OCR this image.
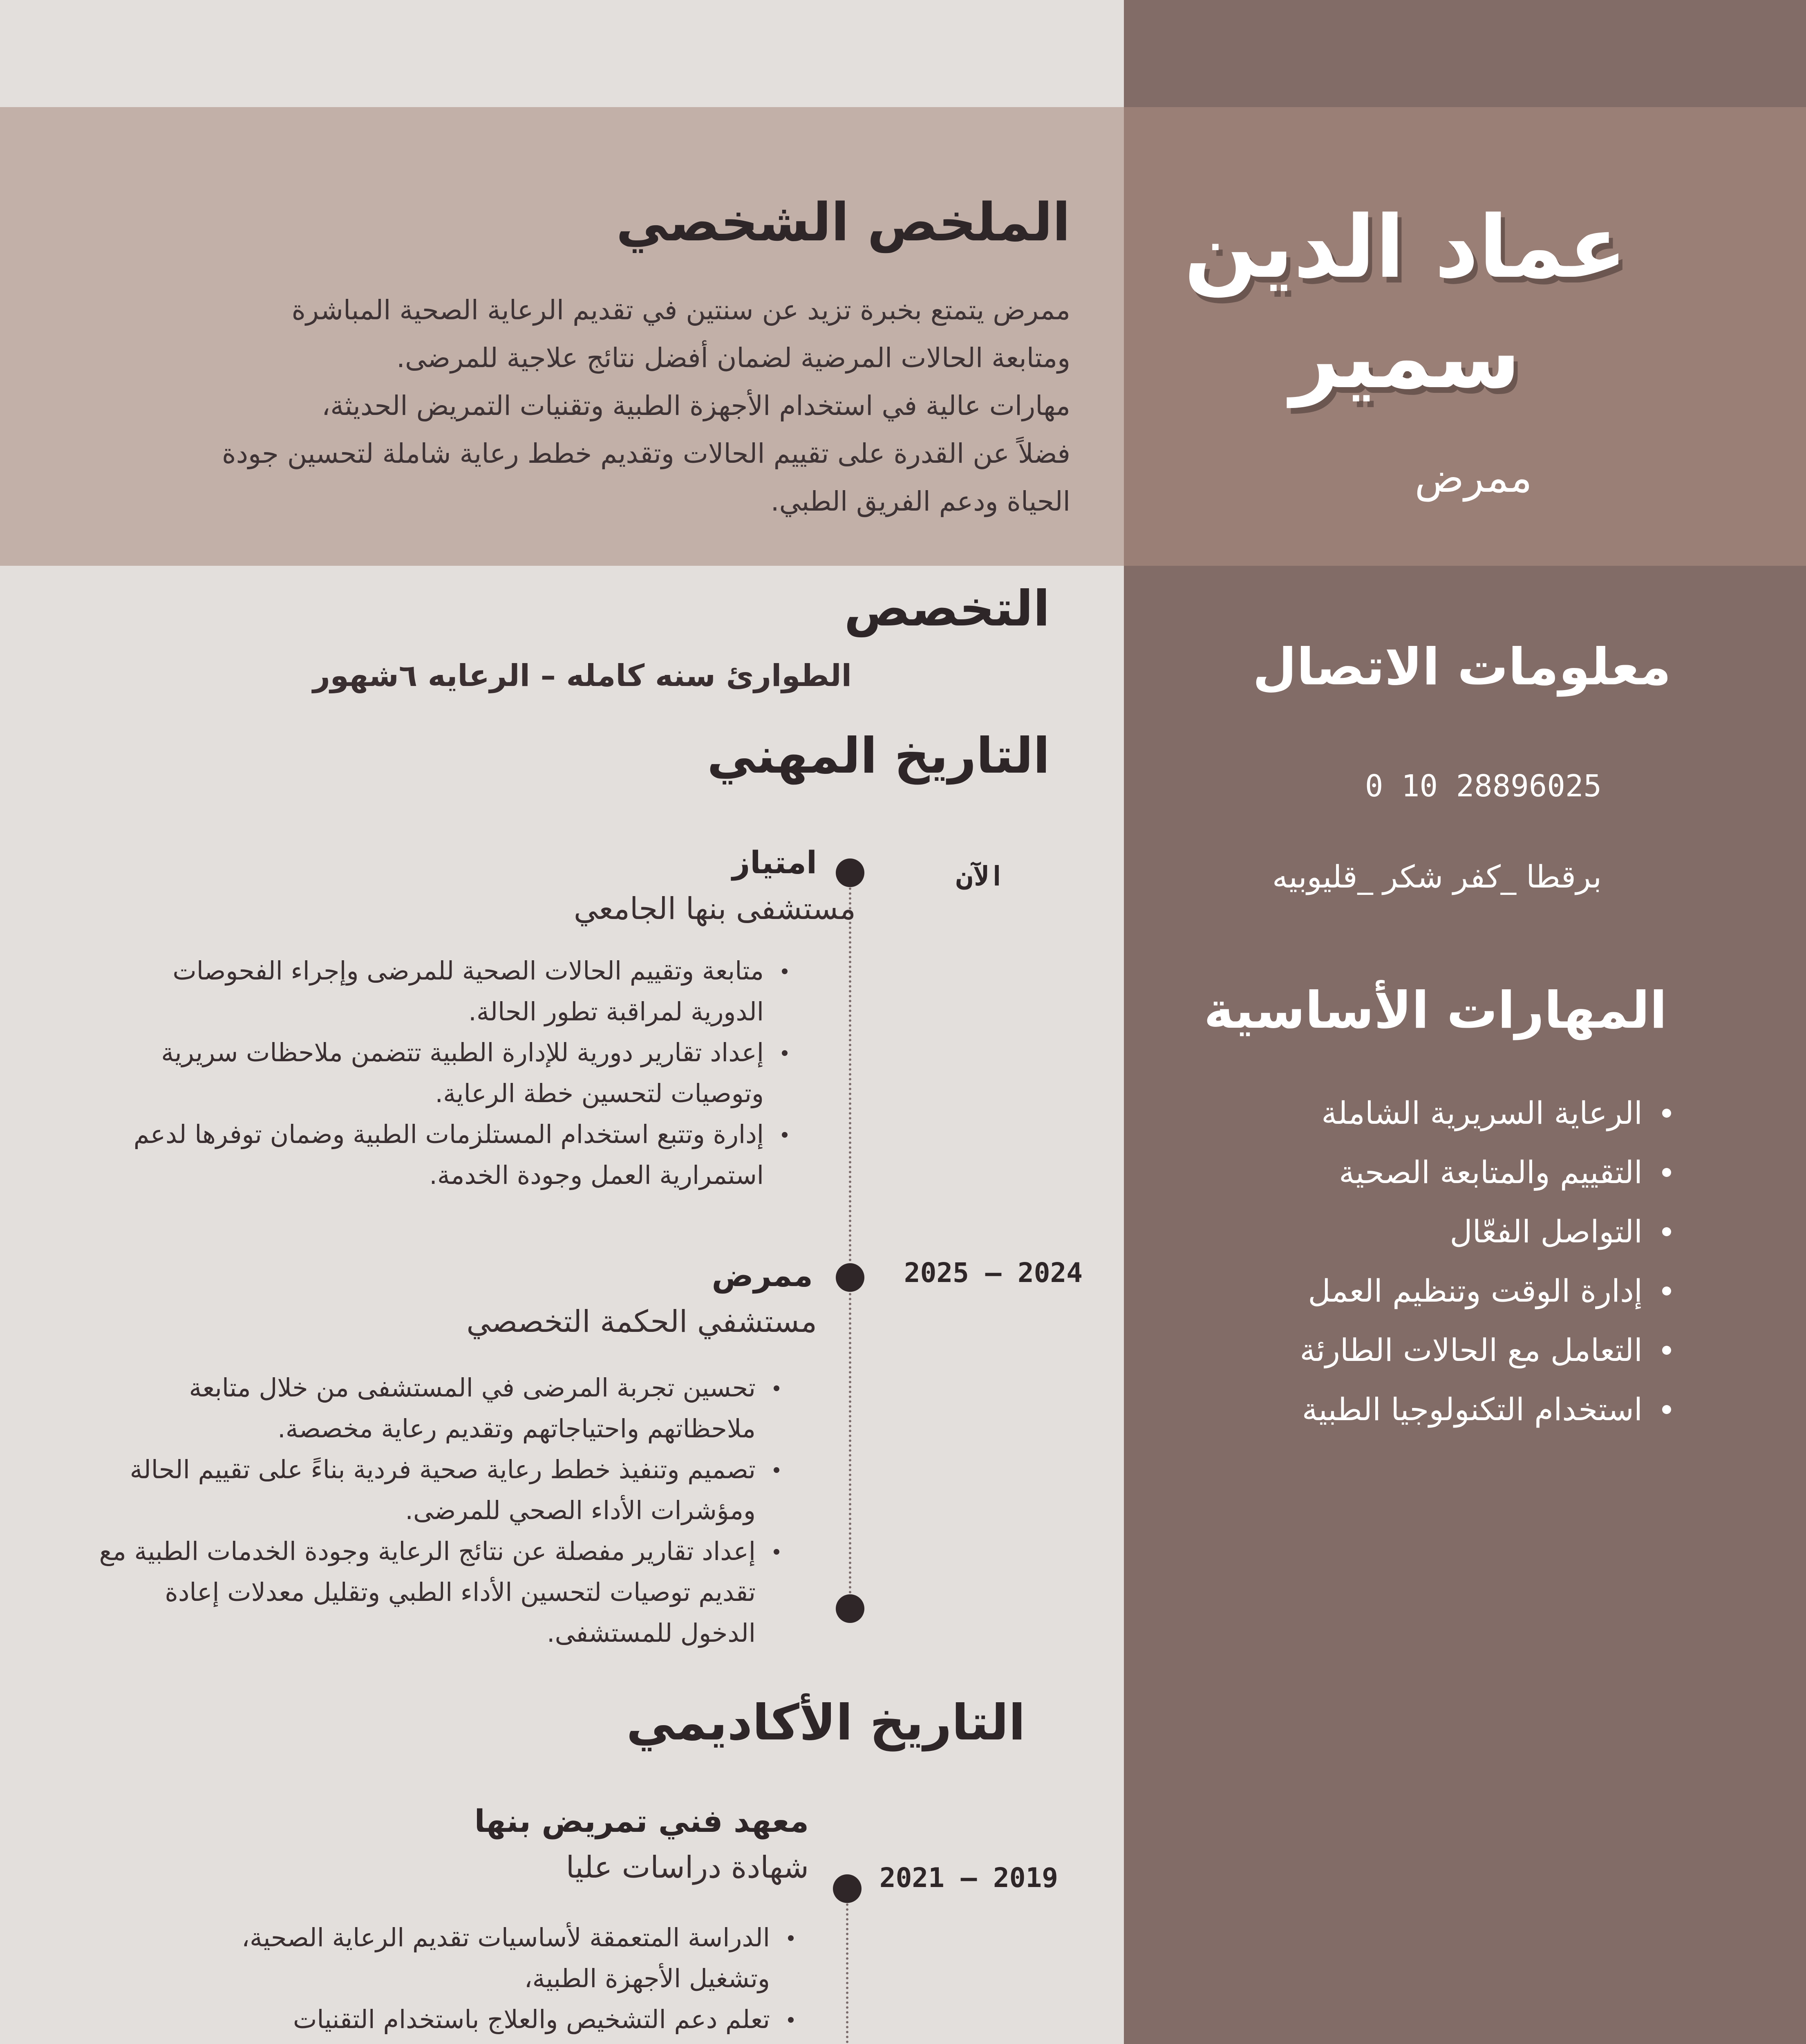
عماد الدين
سمير
ممرض
الملخص الشخصي
ممرض يتمتع بخبرة تزيد عن سنتين في تقديم الرعاية الصحية المباشرة
ومتابعة الحالات المرضية لضمان أفضل نتائج علاجية للمرضى.
مهارات عالية في استخدام الأجهزة الطبية وتقنيات التمريض الحديثة،
فضلاً عن القدرة على تقييم الحالات وتقديم خطط رعاية شاملة لتحسين جودة
الحياة ودعم الفريق الطبي.
معلومات الاتصال
0 10 28896025
برقطا _كفر شكر _قليوبيه
المهارات الأساسية
الرعاية السريرية الشاملة
التقييم والمتابعة الصحية
التواصل الفعّال
إدارة الوقت وتنظيم العمل
التعامل مع الحالات الطارئة
استخدام التكنولوجيا الطبية
التخصص
الطوارئ سنه كامله – الرعايه ٦شهور
التاريخ المهني
الآن
امتياز
مستشفى بنها الجامعي
متابعة وتقييم الحالات الصحية للمرضى وإجراء الفحوصات
الدورية لمراقبة تطور الحالة.
إعداد تقارير دورية للإدارة الطبية تتضمن ملاحظات سريرية
وتوصيات لتحسين خطة الرعاية.
إدارة وتتبع استخدام المستلزمات الطبية وضمان توفرها لدعم
استمرارية العمل وجودة الخدمة.
2025 – 2024
ممرض
مستشفي الحكمة التخصصي
تحسين تجربة المرضى في المستشفى من خلال متابعة
ملاحظاتهم واحتياجاتهم وتقديم رعاية مخصصة.
تصميم وتنفيذ خطط رعاية صحية فردية بناءً على تقييم الحالة
ومؤشرات الأداء الصحي للمرضى.
إعداد تقارير مفصلة عن نتائج الرعاية وجودة الخدمات الطبية مع
تقديم توصيات لتحسين الأداء الطبي وتقليل معدلات إعادة
الدخول للمستشفى.
التاريخ الأكاديمي
2021 – 2019
معهد فني تمريض بنها
شهادة دراسات عليا
الدراسة المتعمقة لأساسيات تقديم الرعاية الصحية،
وتشغيل الأجهزة الطبية،
تعلم دعم التشخيص والعلاج باستخدام التقنيات
